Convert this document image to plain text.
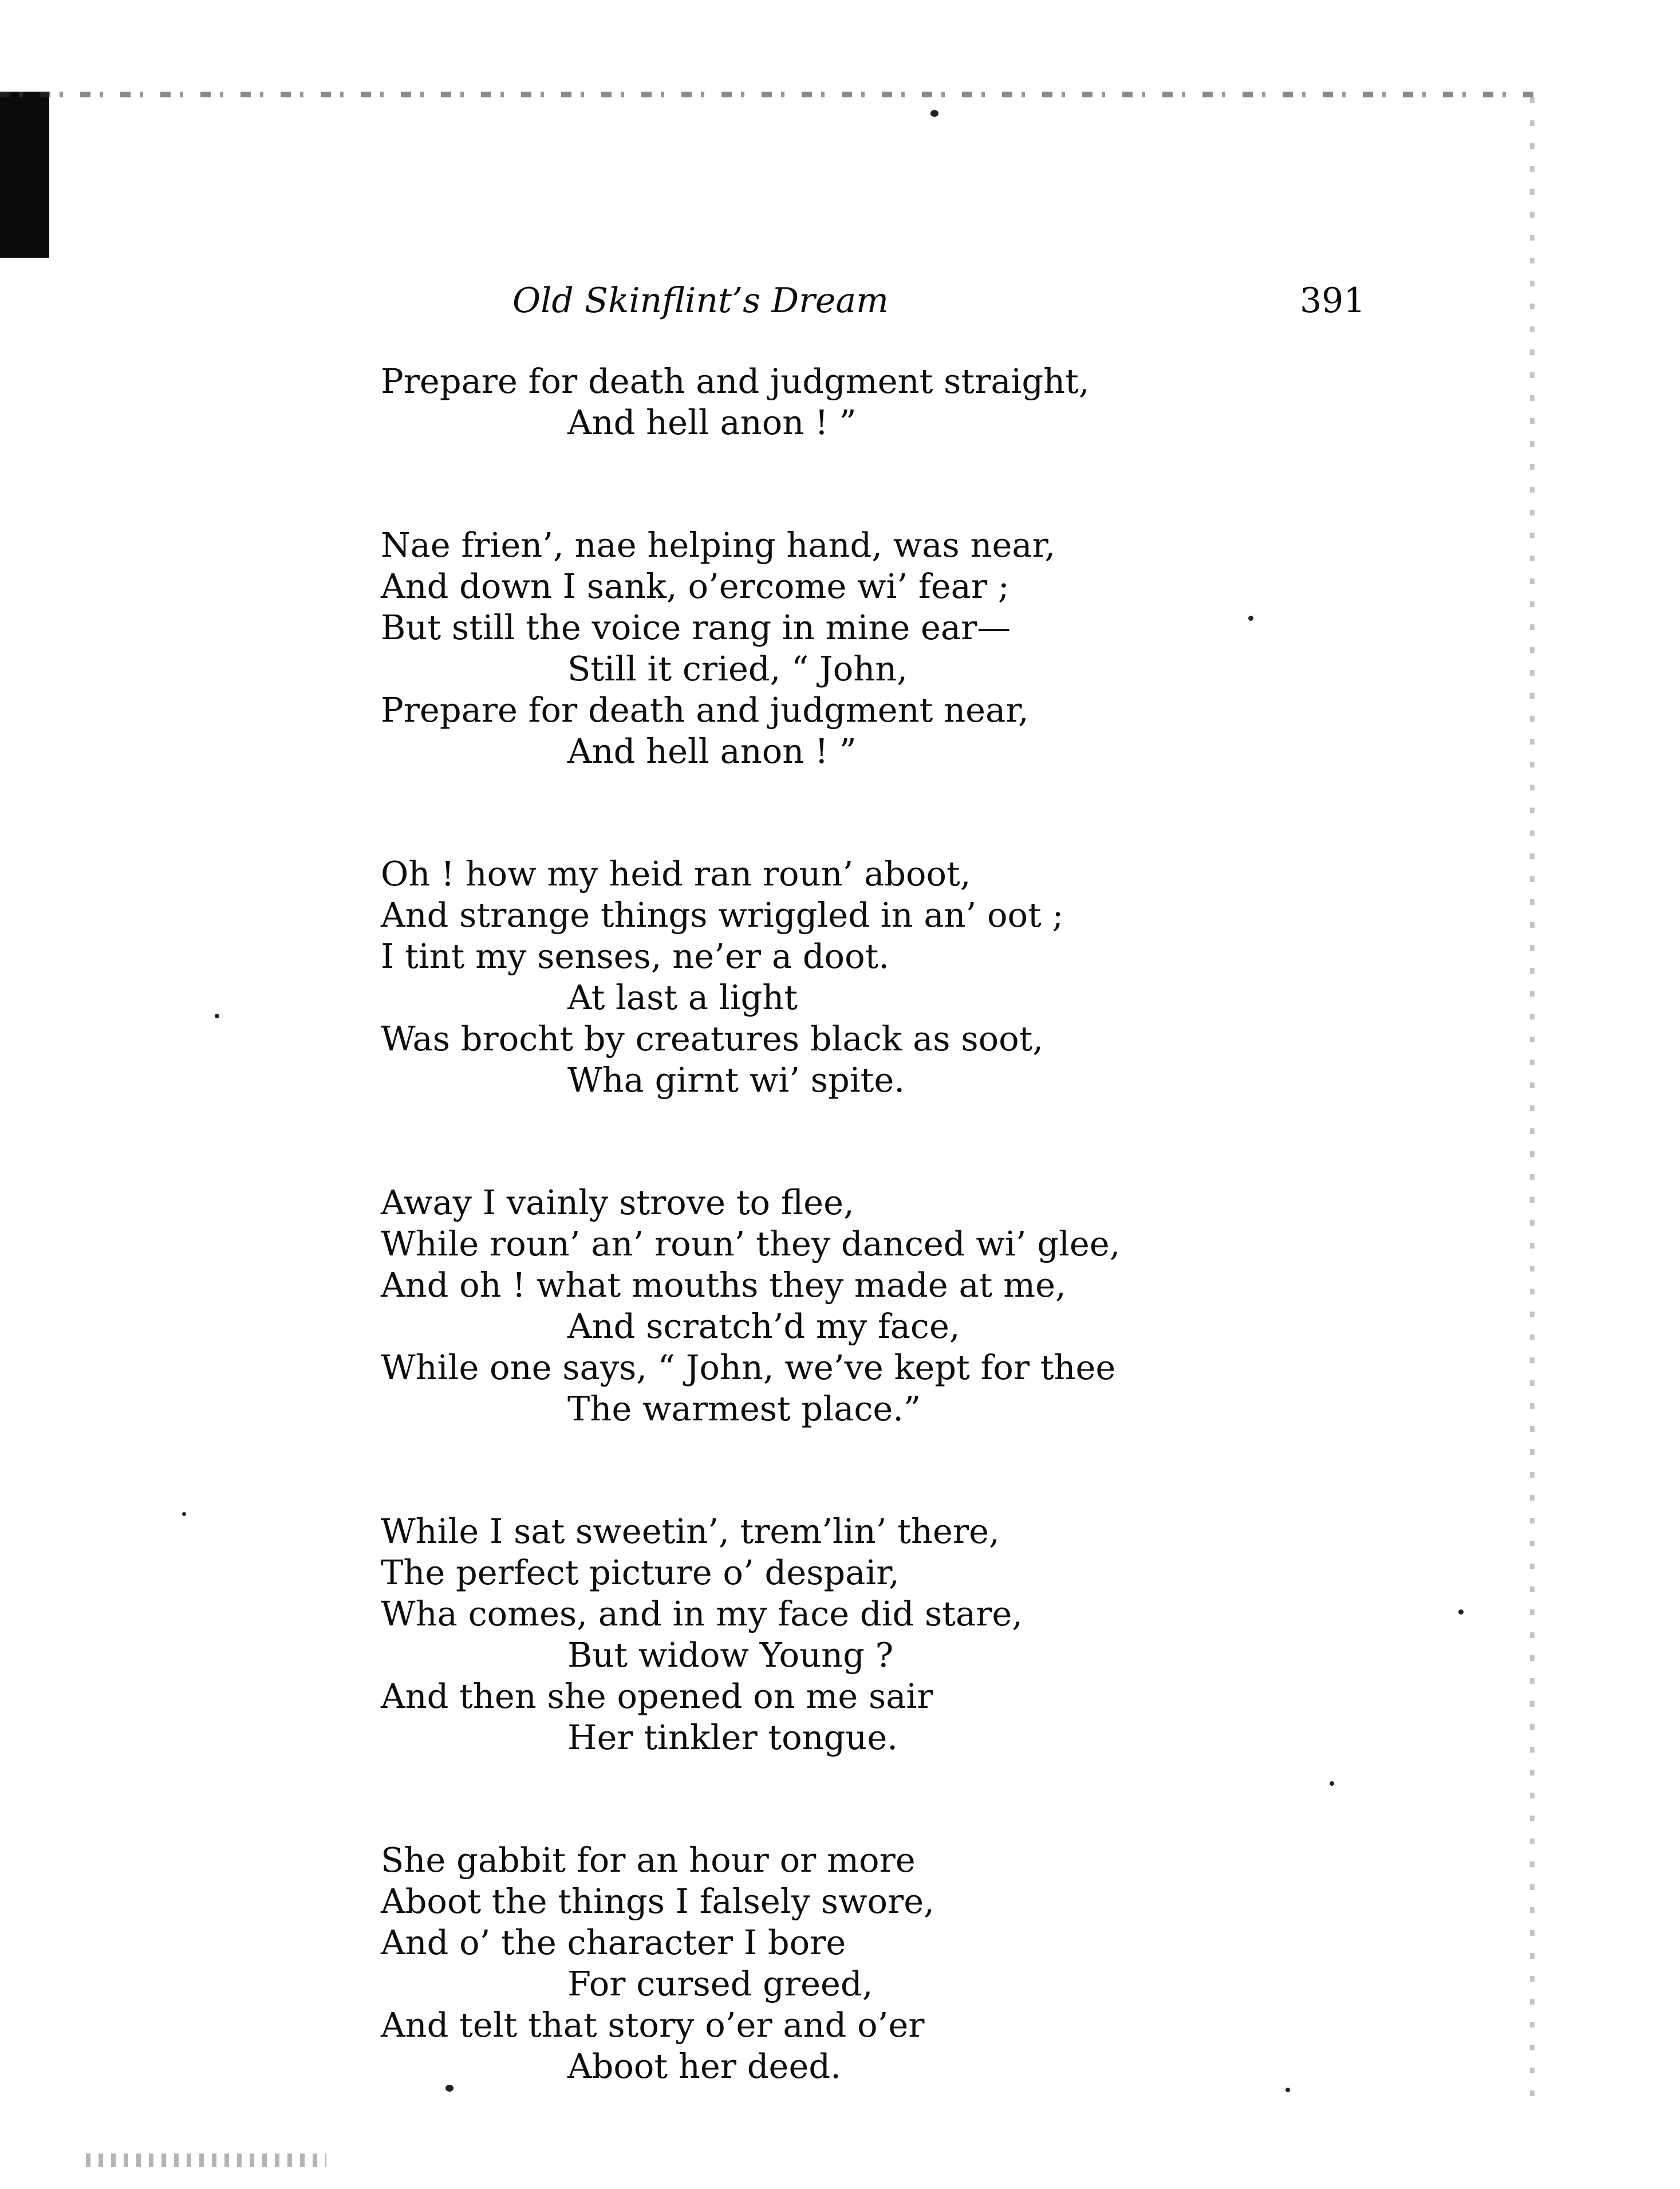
Old Skinflint’s Dream	391
Prepare for death and judgment straight,
And hell anon ! ”
Nae frien’, nae helping hand, was near,
And down I sank, o’ercome wi’ fear ;
But still the voice rang in mine ear—
Still it cried, “ John,
Prepare for death and judgment near,
And hell anon ! ”
Oh ! how my heid ran roun’ aboot,
And strange things wriggled in an’ oot ;
I tint my senses, ne’er a doot.
At last a light
Was brocht by creatures black as soot,
Wha girnt wi’ spite.
Away I vainly strove to flee,
While roun’ an’ roun’ they danced wi’ glee,
And oh ! what mouths they made at me,
And scratch’d my face,
While one says, “ John, we’ve kept for thee
The warmest place.”
While I sat sweetin’, trem’lin’ there,
The perfect picture o’ despair,
Wha comes, and in my face did stare,
But widow Young ?
And then she opened on me sair
Her tinkler tongue.
She gabbit for an hour or more
Aboot the things I falsely swore,
And o’ the character I bore
For cursed greed,
And telt that story o’er and o’er
Aboot her deed.
